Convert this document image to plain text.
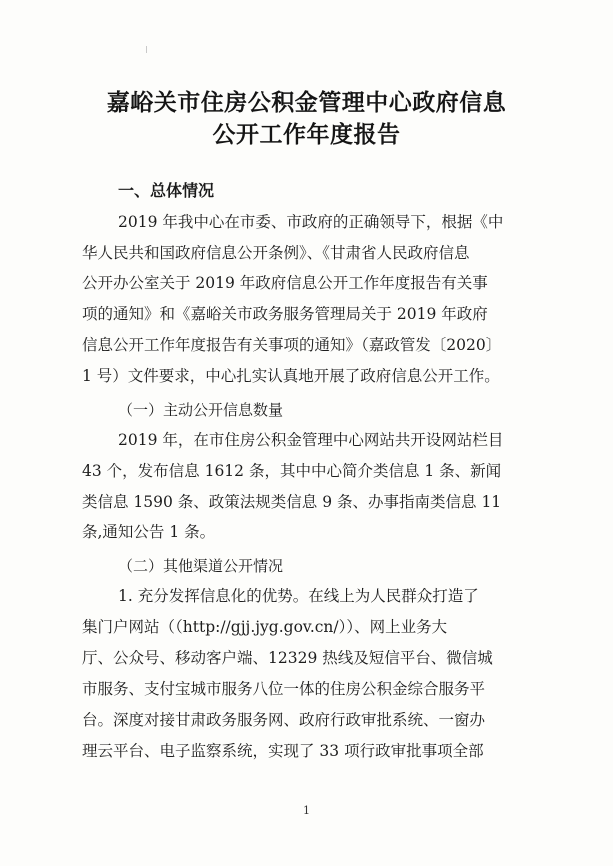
嘉峪关市住房公积金管理中心政府信息
公开工作年度报告
一、总体情况
2019 年我中心在市委、市政府的正确领导下，根据《中
华人民共和国政府信息公开条例》、《甘肃省人民政府信息
公开办公室关于 2019 年政府信息公开工作年度报告有关事
项的通知》和《嘉峪关市政务服务管理局关于 2019 年政府
信息公开工作年度报告有关事项的通知》（嘉政管发〔2020〕
1 号）文件要求，中心扎实认真地开展了政府信息公开工作。
（一）主动公开信息数量
2019 年，在市住房公积金管理中心网站共开设网站栏目
43 个，发布信息 1612 条，其中中心简介类信息 1 条、新闻
类信息 1590 条、政策法规类信息 9 条、办事指南类信息 11
条,通知公告 1 条。
（二）其他渠道公开情况
1. 充分发挥信息化的优势。在线上为人民群众打造了
集门户网站（（http://gjj.jyg.gov.cn/））、网上业务大
厅、公众号、移动客户端、12329 热线及短信平台、微信城
市服务、支付宝城市服务八位一体的住房公积金综合服务平
台。深度对接甘肃政务服务网、政府行政审批系统、一窗办
理云平台、电子监察系统，实现了 33 项行政审批事项全部
1
